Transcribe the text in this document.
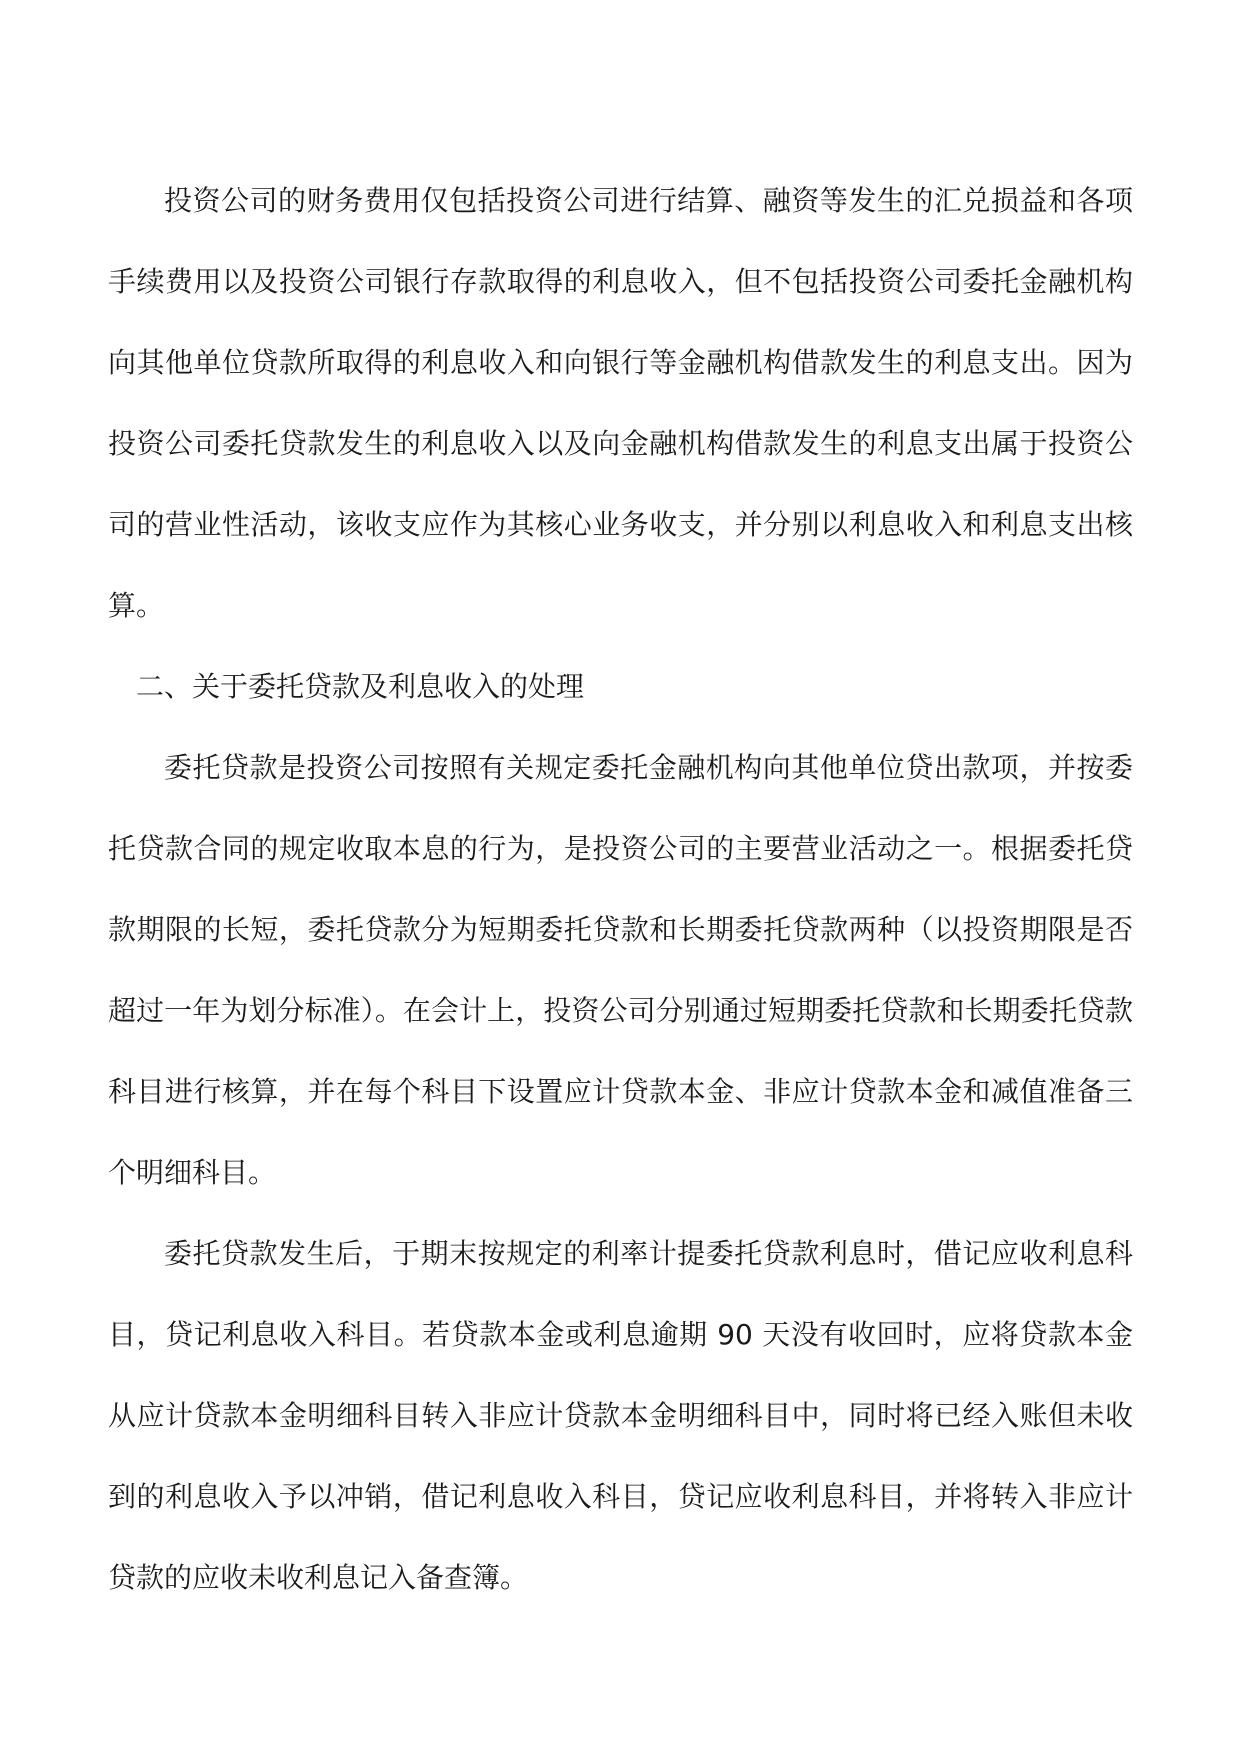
投资公司的财务费用仅包括投资公司进行结算、融资等发生的汇兑损益和各项手续费用以及投资公司银行存款取得的利息收入，但不包括投资公司委托金融机构向其他单位贷款所取得的利息收入和向银行等金融机构借款发生的利息支出。因为投资公司委托贷款发生的利息收入以及向金融机构借款发生的利息支出属于投资公司的营业性活动，该收支应作为其核心业务收支，并分别以利息收入和利息支出核算。

二、关于委托贷款及利息收入的处理

委托贷款是投资公司按照有关规定委托金融机构向其他单位贷出款项，并按委托贷款合同的规定收取本息的行为，是投资公司的主要营业活动之一。根据委托贷款期限的长短，委托贷款分为短期委托贷款和长期委托贷款两种（以投资期限是否超过一年为划分标准）。在会计上，投资公司分别通过短期委托贷款和长期委托贷款科目进行核算，并在每个科目下设置应计贷款本金、非应计贷款本金和减值准备三个明细科目。

委托贷款发生后，于期末按规定的利率计提委托贷款利息时，借记应收利息科目，贷记利息收入科目。若贷款本金或利息逾期 90 天没有收回时，应将贷款本金从应计贷款本金明细科目转入非应计贷款本金明细科目中，同时将已经入账但未收到的利息收入予以冲销，借记利息收入科目，贷记应收利息科目，并将转入非应计贷款的应收未收利息记入备查簿。
